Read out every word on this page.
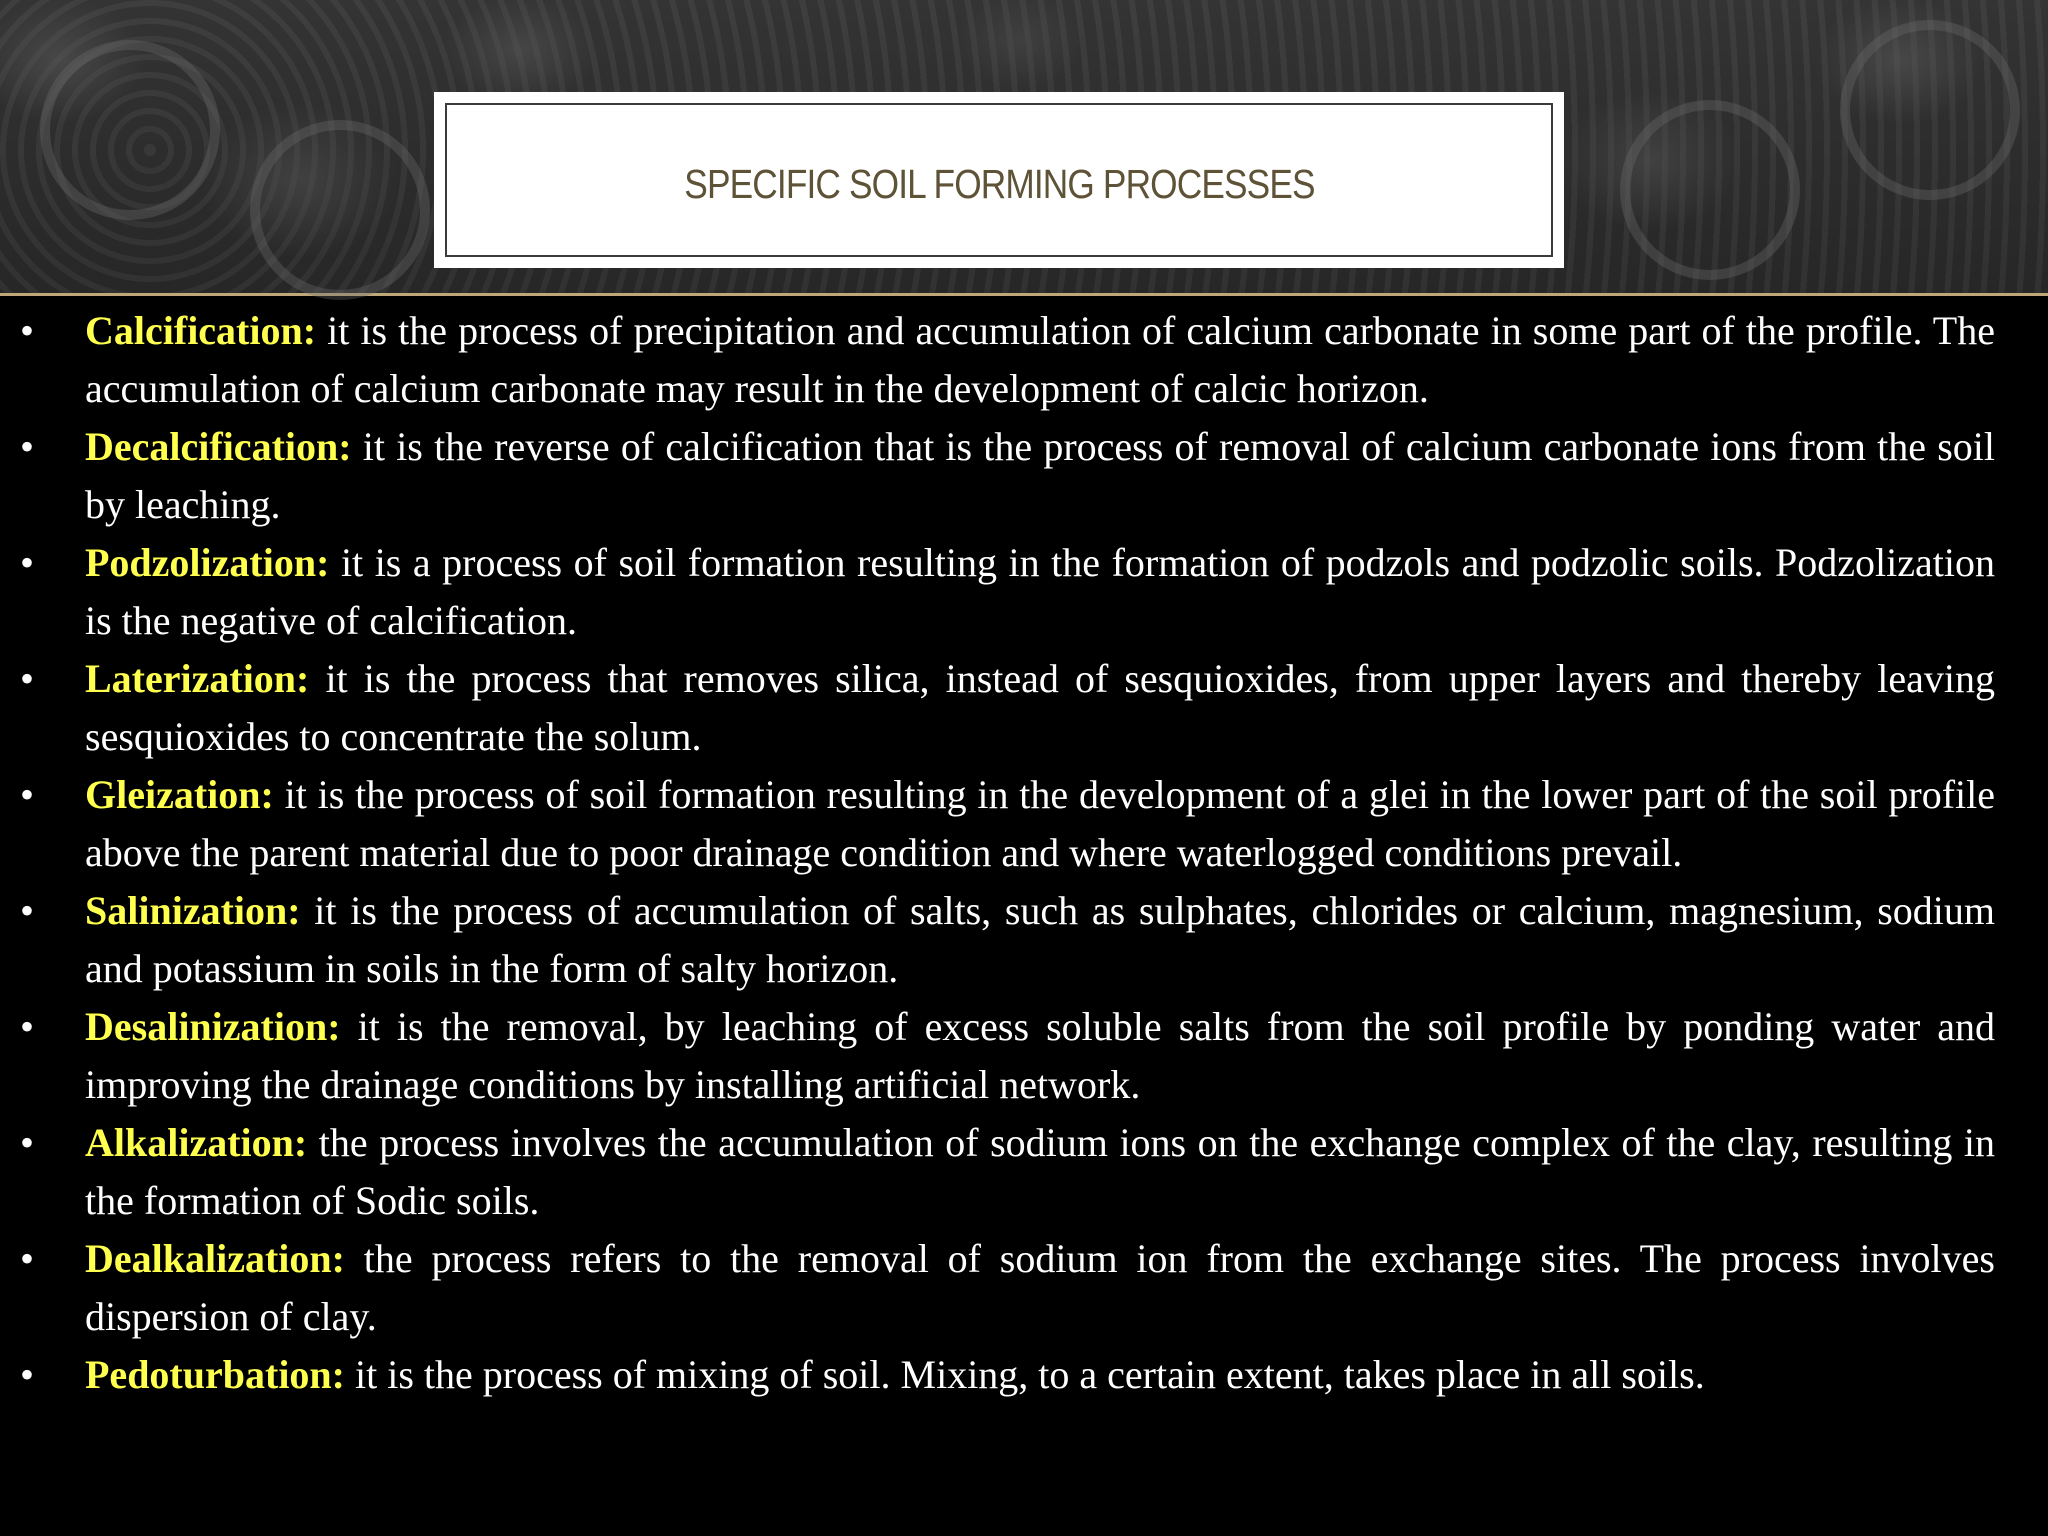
SPECIFIC SOIL FORMING PROCESSES

•	Calcification: it is the process of precipitation and accumulation of calcium carbonate in some part of the profile. The accumulation of calcium carbonate may result in the development of calcic horizon.

•	Decalcification: it is the reverse of calcification that is the process of removal of calcium carbonate ions from the soil by leaching.

•	Podzolization: it is a process of soil formation resulting in the formation of podzols and podzolic soils. Podzolization is the negative of calcification.

•	Laterization: it is the process that removes silica, instead of sesquioxides, from upper layers and thereby leaving sesquioxides to concentrate the solum.

•	Gleization: it is the process of soil formation resulting in the development of a glei in the lower part of the soil profile above the parent material due to poor drainage condition and where waterlogged conditions prevail.

•	Salinization: it is the process of accumulation of salts, such as sulphates, chlorides or calcium, magnesium, sodium and potassium in soils in the form of salty horizon.

•	Desalinization: it is the removal, by leaching of excess soluble salts from the soil profile by ponding water and improving the drainage conditions by installing artificial network.

•	Alkalization: the process involves the accumulation of sodium ions on the exchange complex of the clay, resulting in the formation of Sodic soils.

•	Dealkalization: the process refers to the removal of sodium ion from the exchange sites. The process involves dispersion of clay.

•	Pedoturbation: it is the process of mixing of soil. Mixing, to a certain extent, takes place in all soils.
